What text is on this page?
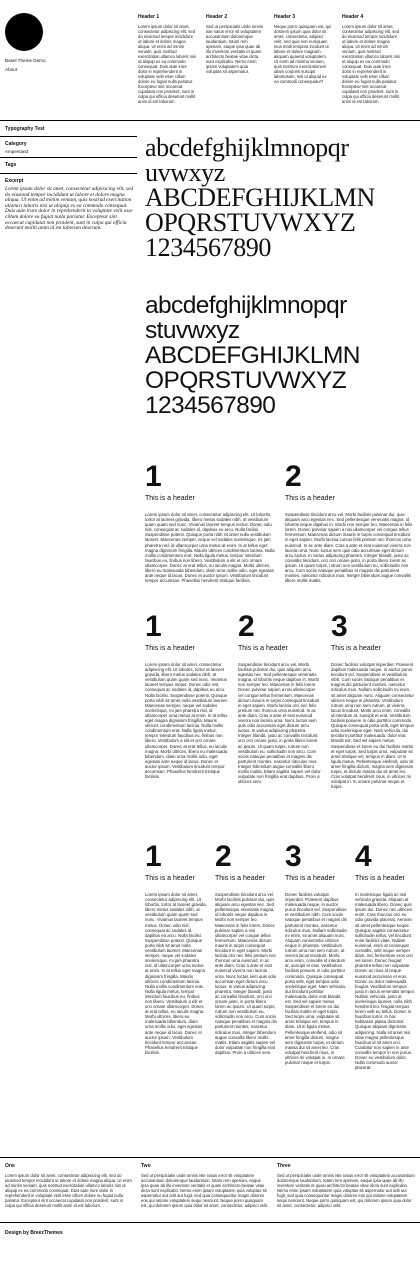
Basel Theme Demo
About
Header 1
Lorem ipsum dolor sit amet, consectetur adipiscing elit, sed do eiusmod tempor incididunt ut labore et dolore magna aliqua. Ut enim ad minim veniam, quis nostrud exercitation ullamco laboris nisi ut aliquip ex ea commodo consequat. Duis aute irure dolor in reprehenderit in voluptate velit esse cillum dolore eu fugiat nulla pariatur. Excepteur sint occaecat cupidatat non proident, sunt in culpa qui officia deserunt mollit anim id est laborum.
Header 2
Sed ut perspiciatis unde omnis iste natus error sit voluptatem accusantium doloremque laudantium, totam rem aperiam, eaque ipsa quae ab illo inventore veritatis et quasi architecto beatae vitae dicta sunt explicabo. Nemo enim ipsam voluptatem quia voluptas sit aspernatur.
Header 3
Neque porro quisquam est, qui dolorem ipsum quia dolor sit amet, consectetur, adipisci velit, sed quia non numquam eius modi tempora incidunt ut labore et dolore magnam aliquam quaerat voluptatem. Ut enim ad minima veniam, quis nostrum exercitationem ullam corporis suscipit laboriosam, nisi ut aliquid ex ea commodi consequatur?
Header 4
Lorem ipsum dolor sit amet, consectetur adipiscing elit, sed do eiusmod tempor incididunt ut labore et dolore magna aliqua. Ut enim ad minim veniam, quis nostrud exercitation ullamco laboris nisi ut aliquip ex ea commodo consequat. Duis aute irure dolor in reprehenderit in voluptate velit esse cillum dolore eu fugiat nulla pariatur. Excepteur sint occaecat cupidatat non proident, sunt in culpa qui officia deserunt mollit anim id est laborum.
Typography Test
Category
Ampersand
Tags
Excerpt
Lorem ipsum dolor sit amet, consectetur adipisicing elit, sed do eiusmod tempor incididunt ut labore et dolore magna aliqua. Ut enim ad minim veniam, quis nostrud exercitation ullamco laboris nisi ut aliquip ex ea commodo consequat. Duis aute irure dolor in reprehenderit in voluptate velit esse cillum dolore eu fugiat nulla pariatur. Excepteur sint occaecat cupidatat non proident, sunt in culpa qui officia deserunt mollit anim id est laborum deserunt.
abcdefghijklmnopqr
uvwxyz
ABCDEFGHIJKLMN
OPQRSTUVWXYZ
1234567890
abcdefghijklmnopqr
stuvwxyz
ABCDEFGHIJKLMN
OPQRSTUVWXYZ
1234567890
1
This is a header
Lorem ipsum dolor sit amet, consectetur adipiscing elit. Ut lobortis, tortor at laoreet gravida, libero metus sodales nibh, at vestibulum quam quam sed nunc. Vivamus laoreet tempus metus. Donec odio nisl, consequat ac sodales id, dapibus eu arcu. Nulla facilisi. Suspendisse potenti. Quisque porta nibh sit amet nulla vestibulum laoreet. Maecenas semper, neque vel sodales scelerisque, mi jam pharetra nisl, id ullamcorper urna metus at enim. In at tellus eget magna dignissim fringilla. Mauris ultrices condimentum lacinia. Nulla mollis condimentum erat. Nulla ligula metus, tempor interdum faucibus eu, finibus non libero. Vestibulum a elit et orci ornare ullamcorper. Donec at erat tellus, eu iaculis magna. Morbi ultrices, libero eu malesuada bibendum, diam urna mollis odio, eget egestas ante neque id lacus. Donec et auctor ipsum. Vestibulum tincidunt tempor accumsan. Phasellus hendrerit tristique facilisis.
2
This is a header
Suspendisse tincidunt arcu vel. Morbi facilisis pulvinar dui, quis aliquam arcu egestas nec. Sed pellentesque venenatis magna, id lobortis neque dapibus in. Morbi non semper leo. Maecenas in felis lorem. Donec pulvinar sapien a nisi ullamcorper vel congue tellus fermentum. Maecenas dictum mauris in turpis consequat tincidunt in eget sapien. Morbi lacinia cursus felis pretium nec rhoncus urna euismod. In ac ante diam. Cras a ante et erat euismod viverra non lacinia urna. Nunc luctus sem quis odio accumsan eget dictum arcu luctus. In varius adipiscing pharetra. Integer blandit, justo ac convallis tincidunt, orci orci ornare justo, in porta libero lorem ac ipsum. Ut quam turpis, rutrum non vestibulum eu, sollicitudin non arcu. Cum sociis natoque penatibus et magnis dis parturient montes, nascetur ridiculus mus. Integer bibendum augue convallis libero mollis mattis.
1
This is a header
Lorem ipsum dolor sit amet, consectetur adipiscing elit. Ut lobortis, tortor at laoreet gravida, libero metus sodales nibh, at vestibulum quam quam sed nunc. Vivamus laoreet tempus metus. Donec odio nisl, consequat ac sodales id, dapibus eu arcu. Nulla facilisi. Suspendisse potenti. Quisque porta nibh sit amet nulla vestibulum laoreet. Maecenas semper, neque vel sodales scelerisque, mi jam pharetra nisl, id ullamcorper urna metus at enim. In at tellus eget magna dignissim fringilla. Mauris ultrices condimentum lacinia. Nulla mollis condimentum erat. Nulla ligula metus, tempor interdum faucibus eu, finibus non libero. Vestibulum a elit et orci ornare ullamcorper. Donec at erat tellus, eu iaculis magna. Morbi ultrices, libero eu malesuada bibendum, diam urna mollis odio, eget egestas ante neque id lacus. Donec et auctor ipsum. Vestibulum tincidunt tempor accumsan. Phasellus hendrerit tristique facilisis.
2
This is a header
Suspendisse tincidunt arcu vel. Morbi facilisis pulvinar dui, quis aliquam arcu egestas nec. Sed pellentesque venenatis magna, id lobortis neque dapibus in. Morbi non semper leo. Maecenas in felis lorem. Donec pulvinar sapien a nisi ullamcorper vel congue tellus fermentum. Maecenas dictum mauris in turpis consequat tincidunt in eget sapien. Morbi lacinia orci nec felis pretium nec rhoncus urna euismod. In ac ante diam. Cras a ante et erat euismod viverra non lacinia urna. Nunc luctus sem quis odio accumsan eget dictum arcu luctus. In varius adipiscing pharetra. Integer blandit, justo ac convallis tincidunt, orci orci ornare justo, in porta libero lorem ac ipsum. Ut quam turpis, rutrum non vestibulum eu, sollicitudin non arcu. Cum sociis natoque penatibus et magnis dis parturient montes, nascetur ridiculus mus. Integer bibendum augue convallis libero mollis mattis. Etiam sagittis sapien vel dolor vulputate non fringilla erat dapibus. Proin a ultrices sem.
3
This is a header
Donec facilisis volutpat imperdiet. Praesent dapibus malesuada neque, in auctor purus tincidunt vel. Suspendisse et vestibulum nibh. Cum sociis natoque penatibus et magnis dis parturient montes, nascetur ridiculus mus. Nullam sollicitudin mi enim, sit amet aliquam nunc. Aliquam consectetur ultrices neque in pharetra. Vestibulum rutrum urna non sem rutrum, at viverra lacus tincidunt. Morbi arcu enim, convallis id interdum at, suscipit et erat. Vestibulum facilisis posuere in odio porttitor commodo. Quisque consequat porta velit, eget tempus odio scelerisque eget. Nam vehicula, dui tincidunt porttitor malesuada, dolor erat blandit est. Sed vel sapien metus. Suspendisse et lorem eu dui facilisis mattis et eget turpis. Sed turpis urna, vulputate sit amet tristique vel, tempus in diam. Ut in ligula metus. Pellentesque eleifend, odio sit amet fringilla dictum, magna sem dignissim turpis, et dictum massa dui sit amet leo. Cras volutpat hendrerit risus, in ultrices mi volutpat in. In ornare pulvinar neque et turpis.
1
This is a header
Lorem ipsum dolor sit amet, consectetur adipiscing elit. Ut lobortis, tortor at laoreet gravida, libero metus sodales nibh, at vestibulum quam quam sed nunc. Vivamus laoreet tempus metus. Donec odio nisl, consequat ac sodales id, dapibus eu arcu. Nulla facilisi. Suspendisse potenti. Quisque porta nibh sit amet nulla vestibulum laoreet. Maecenas semper, neque vel sodales scelerisque, mi jam pharetra nisl, id ullamcorper urna metus at enim. In at tellus eget magna dignissim fringilla. Mauris ultrices condimentum lacinia. Nulla mollis condimentum erat. Nulla ligula metus, tempor interdum faucibus eu, finibus non libero. Vestibulum a elit et orci ornare ullamcorper. Donec at erat tellus, eu iaculis magna. Morbi ultrices, libero eu malesuada bibendum, diam urna mollis odio, eget egestas ante neque id lacus. Donec et auctor ipsum. Vestibulum tincidunt tempor accumsan. Phasellus hendrerit tristique facilisis.
2
This is a header
Suspendisse tincidunt arcu vel. Morbi facilisis pulvinar dui, quis aliquam arcu egestas nec. Sed pellentesque venenatis magna, id lobortis neque dapibus in. Morbi non semper leo. Maecenas in felis lorem. Donec pulvinar sapien a nisi ullamcorper vel congue tellus fermentum. Maecenas dictum mauris in turpis consequat tincidunt in eget sapien. Morbi lacinia orci nec felis pretium nec rhoncus urna euismod. In ac ante diam. Cras a ante et erat euismod viverra non lacinia urna. Nunc luctus sem quis odio accumsan eget dictum arcu luctus. In varius adipiscing pharetra. Integer blandit, justo ac convallis tincidunt, orci orci ornare justo, in porta libero lorem ac ipsum. Ut quam turpis, rutrum non vestibulum eu, sollicitudin non arcu. Cum sociis natoque penatibus et magnis dis parturient montes, nascetur ridiculus mus. Integer bibendum augue convallis libero mollis mattis. Etiam sagittis sapien vel dolor vulputate non fringilla erat dapibus. Proin a ultrices sem.
3
This is a header
Donec facilisis volutpat imperdiet. Praesent dapibus malesuada neque, in auctor purus tincidunt vel. Suspendisse et vestibulum nibh. Cum sociis natoque penatibus et magnis dis parturient montes, nascetur ridiculus mus. Nullam sollicitudin mi enim, sit amet aliquam nunc. Aliquam consectetur ultrices neque in pharetra. Vestibulum rutrum urna non sem rutrum, at viverra lacus tincidunt. Morbi arcu enim, convallis id interdum at, suscipit et erat. Vestibulum facilisis posuere in odio porttitor commodo. Quisque consequat porta velit, eget tempus odio scelerisque eget. Nam vehicula, dui tincidunt porttitor malesuada, dolor erat blandit est. Sed vel sapien metus. Suspendisse et lorem eu dui facilisis mattis et eget turpis. Sed turpis urna, vulputate sit amet tristique vel, tempus in diam. Ut in ligula metus. Pellentesque eleifend, odio sit amet fringilla dictum, magna sem dignissim turpis, et dictum massa dui sit amet leo. Cras volutpat hendrerit risus, in ultrices mi volutpat in. In ornare pulvinar neque et turpis.
4
This is a header
In scelerisque ligula ac nisl vehicula gravida. Aliquam at malesuada libero. Donec quis ipsum dui. Donec nec ultricies enim. Cras rhoncus orci eu odio gravida placerat. Aenean sit amet pellentesque neque. Quisque sagittis consectetur sollicitudin tellus, vel tincidunt enim facilisis vitae. Nullam euismod, enim at consequat convallis, velit neque semper diam, nec fermentum eros orci vel lorem. Donec feugiat pharetra tellus non vulputate. Donec ac risus id neque euismod accumsan et eros. Donec eu dolor malesuada feugiat. Vestibulum tempus justo in lacus venenatis tempor. Nullam vehicula, justo at scelerisque laoreet, nulla nibh hendrerit leo, feugiat tempus lorem velit eu tellus. Donec in faucibus tortor. In hac habitasse platea dictumst. Quisque aliquam dignissim adipiscing. Nulla sit amet nisi vitae magna pellentesque faucibus id sit amet orci. Curabitur non sapien in ante convallis tempor in non purus. Donec eu vestibulum dolor. Nulla commodo auctor placerat.
One
Lorem ipsum dolor sit amet, consectetur adipisicing elit, sed do eiusmod tempor incididunt ut labore et dolore magna aliqua. Ut enim ad minim veniam, quis nostrud exercitation ullamco laboris nisi ut aliquip ex ea commodo consequat. Duis aute irure dolor in reprehenderit in voluptate velit esse cillum dolore eu fugiat nulla pariatur. Excepteur sint occaecat cupidatat non proident, sunt in culpa qui officia deserunt mollit anim id est laborum.
Two
Sed ut perspiciatis unde omnis iste natus error sit voluptatem accusantium doloremque laudantium, totam rem aperiam, eaque ipsa quae ab illo inventore veritatis et quasi architecto beatae vitae dicta sunt explicabo. Nemo enim ipsam voluptatem quia voluptas sit aspernatur aut odit aut fugit, sed quia consequuntur magni dolores eos qui ratione voluptatem sequi nesciunt. Neque porro quisquam est, qui dolorem ipsum quia dolor sit amet, consectetur, adipisci velit.
Three
Sed ut perspiciatis unde omnis iste natus error sit voluptatem accusantium doloremque laudantium, totam rem aperiam, eaque ipsa quae ab illo inventore veritatis et quasi architecto beatae vitae dicta sunt explicabo. Nemo enim ipsam voluptatem quia voluptas sit aspernatur aut odit aut fugit, sed quia consequuntur magni dolores eos qui ratione voluptatem sequi nesciunt. Neque porro quisquam est, qui dolorem ipsum quia dolor sit amet, consectetur, adipisci velit.
Design by BreezThemes
